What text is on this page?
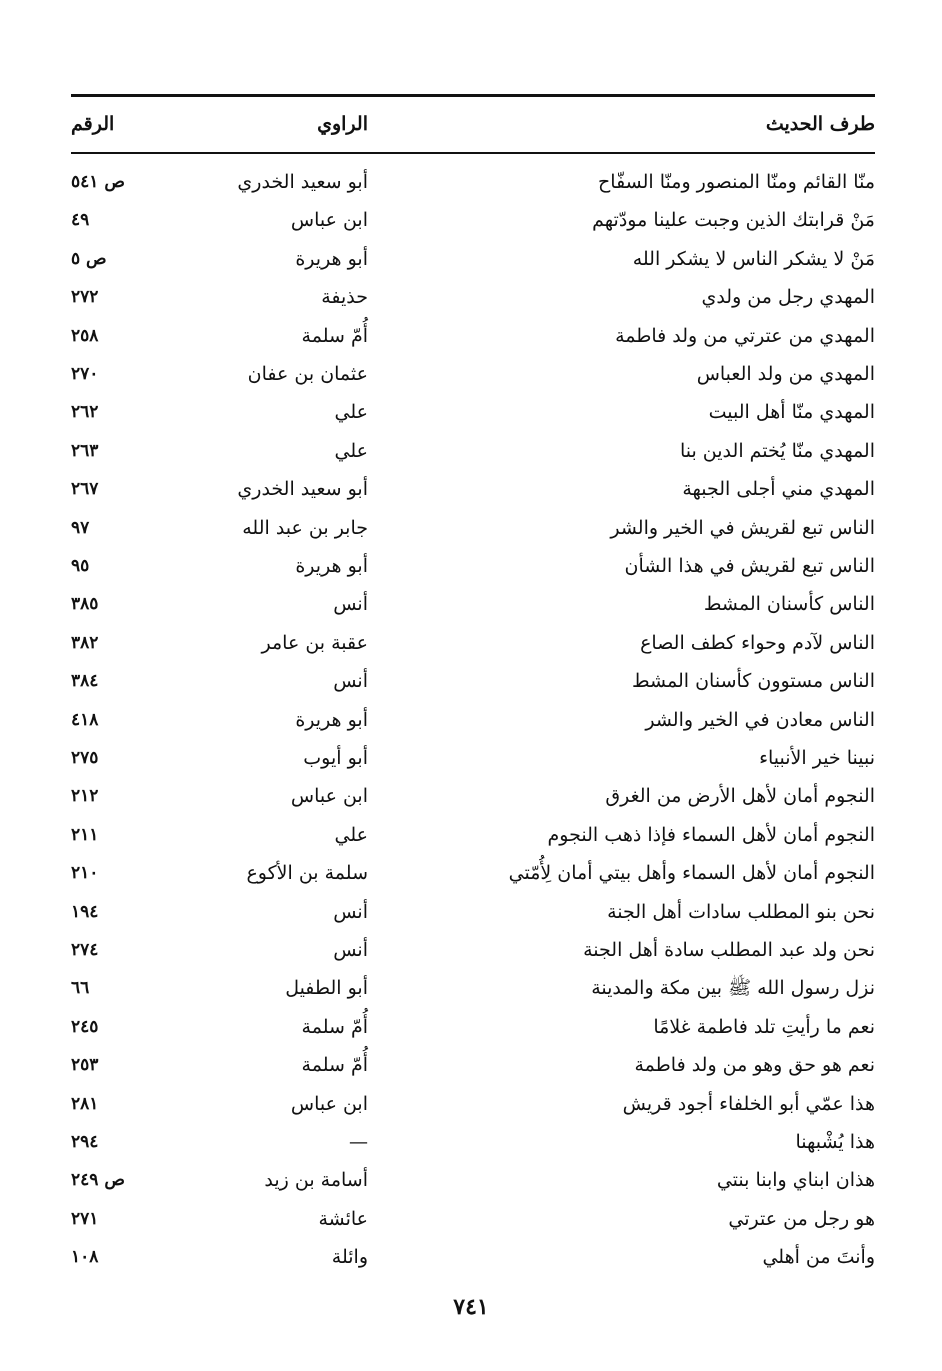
طرف الحديث
الراوي
الرقم
منّا القائم ومنّا المنصور ومنّا السفّاح
أبو سعيد الخدري
ص ٥٤١
مَنْ قرابتك الذين وجبت علينا مودّتهم
ابن عباس
٤٩
مَنْ لا يشكر الناس لا يشكر الله
أبو هريرة
ص ٥
المهدي رجل من ولدي
حذيفة
٢٧٢
المهدي من عترتي من ولد فاطمة
أُمّ سلمة
٢٥٨
المهدي من ولد العباس
عثمان بن عفان
٢٧٠
المهدي منّا أهل البيت
علي
٢٦٢
المهدي منّا يُختم الدين بنا
علي
٢٦٣
المهدي مني أجلى الجبهة
أبو سعيد الخدري
٢٦٧
الناس تبع لقريش في الخير والشر
جابر بن عبد الله
٩٧
الناس تبع لقريش في هذا الشأن
أبو هريرة
٩٥
الناس كأسنان المشط
أنس
٣٨٥
الناس لآدم وحواء كطف الصاع
عقبة بن عامر
٣٨٢
الناس مستوون كأسنان المشط
أنس
٣٨٤
الناس معادن في الخير والشر
أبو هريرة
٤١٨
نبينا خير الأنبياء
أبو أيوب
٢٧٥
النجوم أمان لأهل الأرض من الغرق
ابن عباس
٢١٢
النجوم أمان لأهل السماء فإذا ذهب النجوم
علي
٢١١
النجوم أمان لأهل السماء وأهل بيتي أمان لِأُمّتي
سلمة بن الأكوع
٢١٠
نحن بنو المطلب سادات أهل الجنة
أنس
١٩٤
نحن ولد عبد المطلب سادة أهل الجنة
أنس
٢٧٤
نزل رسول الله ﷺ بين مكة والمدينة
أبو الطفيل
٦٦
نعم ما رأيتِ تلد فاطمة غلامًا
أُمّ سلمة
٢٤٥
نعم هو حق وهو من ولد فاطمة
أُمّ سلمة
٢٥٣
هذا عمّي أبو الخلفاء أجود قريش
ابن عباس
٢٨١
هذا يُشْبهنا
—
٢٩٤
هذان ابناي وابنا بنتي
أسامة بن زيد
ص ٢٤٩
هو رجل من عترتي
عائشة
٢٧١
وأنتَ من أهلي
وائلة
١٠٨
٧٤١
